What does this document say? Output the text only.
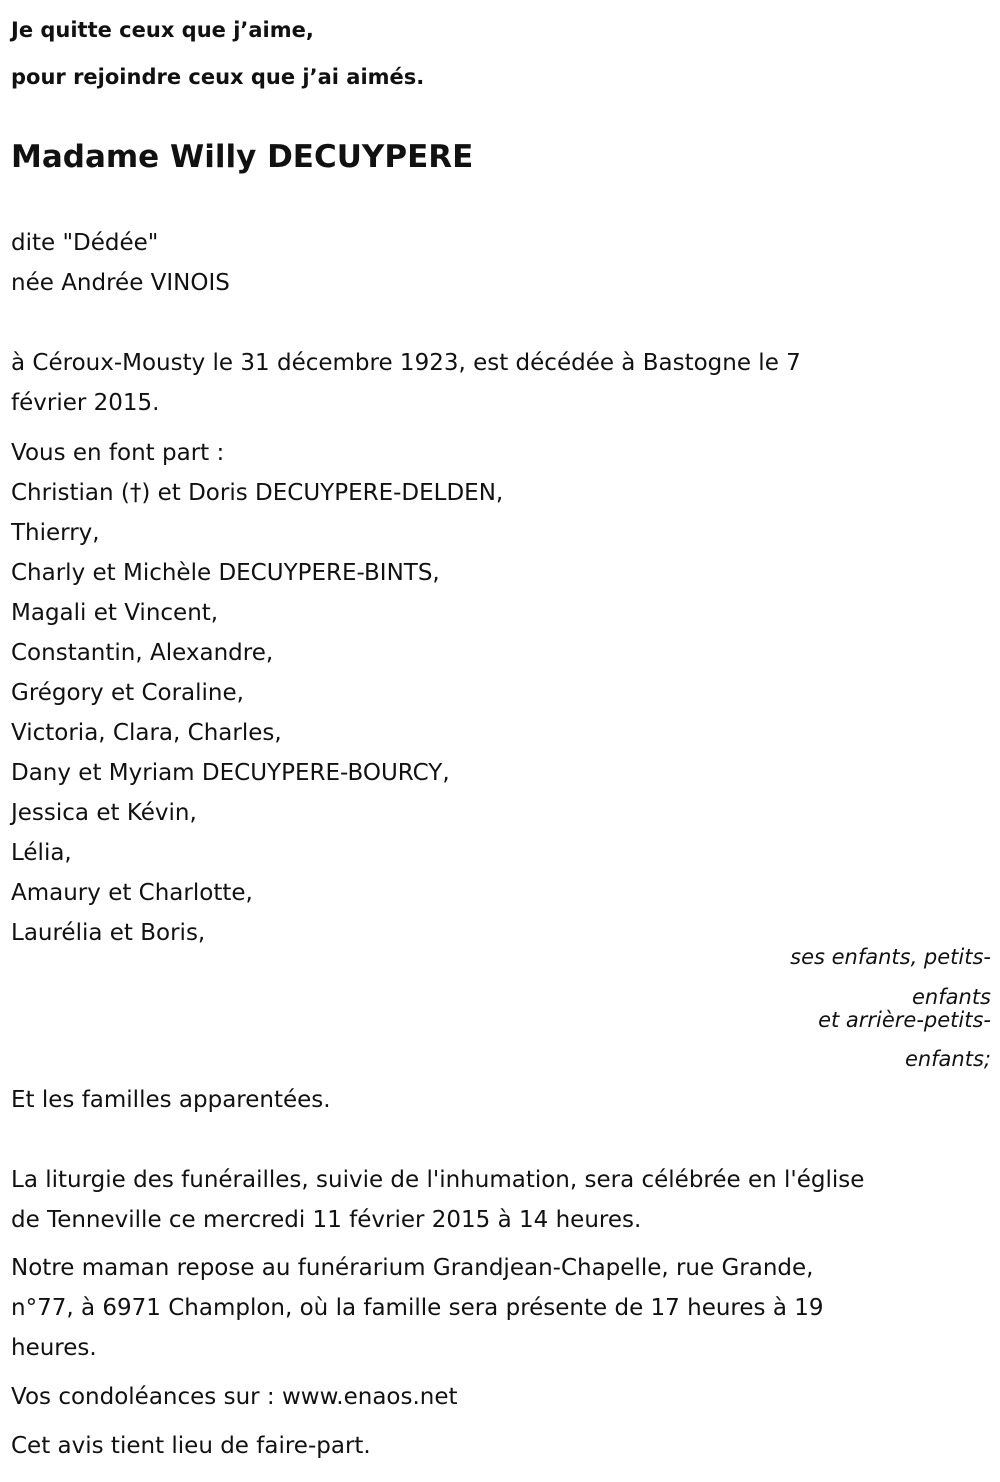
Je quitte ceux que j’aime,
pour rejoindre ceux que j’ai aimés.
Madame Willy DECUYPERE
dite "Dédée"
née Andrée VINOIS
à Céroux-Mousty le 31 décembre 1923, est décédée à Bastogne le 7
février 2015.
Vous en font part :
Christian (†) et Doris DECUYPERE-DELDEN,
Thierry,
Charly et Michèle DECUYPERE-BINTS,
Magali et Vincent,
Constantin, Alexandre,
Grégory et Coraline,
Victoria, Clara, Charles,
Dany et Myriam DECUYPERE-BOURCY,
Jessica et Kévin,
Lélia,
Amaury et Charlotte,
Laurélia et Boris,
ses enfants, petits-
enfants
et arrière-petits-
enfants;
Et les familles apparentées.
La liturgie des funérailles, suivie de l'inhumation, sera célébrée en l'église
de Tenneville ce mercredi 11 février 2015 à 14 heures.
Notre maman repose au funérarium Grandjean-Chapelle, rue Grande,
n°77, à 6971 Champlon, où la famille sera présente de 17 heures à 19
heures.
Vos condoléances sur : www.enaos.net
Cet avis tient lieu de faire-part.
